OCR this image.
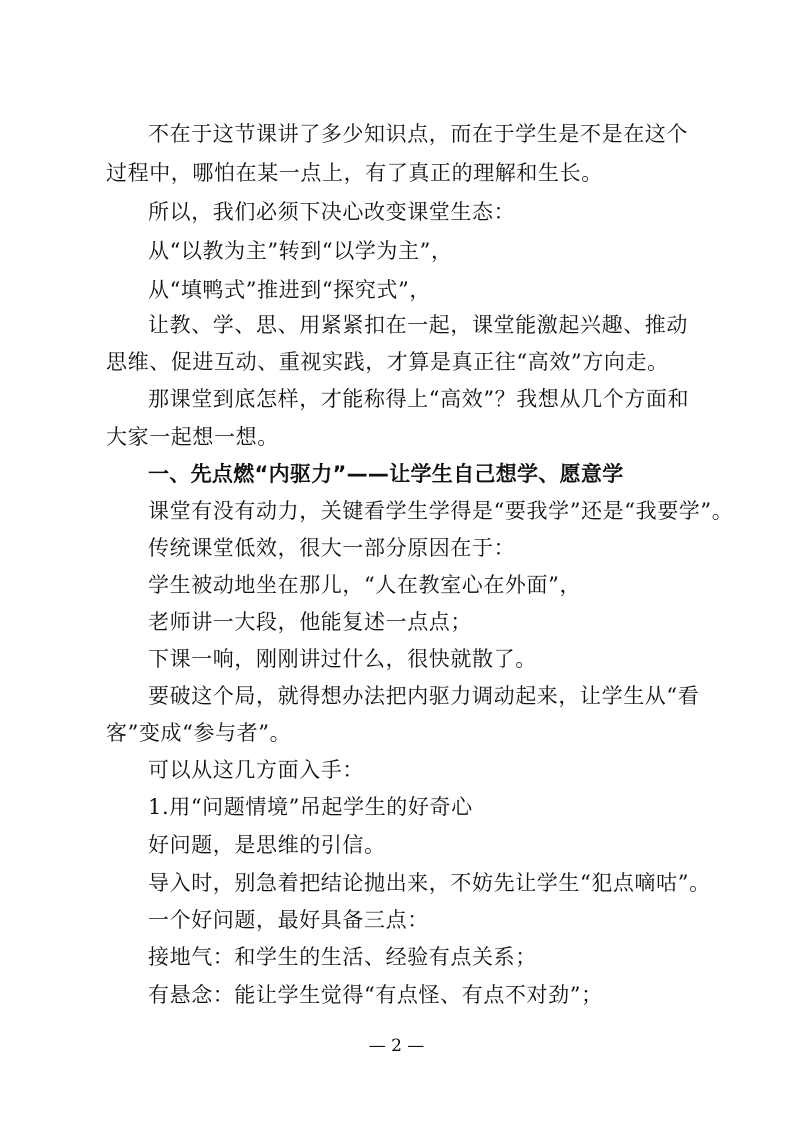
不在于这节课讲了多少知识点，而在于学生是不是在这个
过程中，哪怕在某一点上，有了真正的理解和生长。
所以，我们必须下决心改变课堂生态：
从“以教为主”转到“以学为主”，
从“填鸭式”推进到“探究式”，
让教、学、思、用紧紧扣在一起，课堂能激起兴趣、推动
思维、促进互动、重视实践，才算是真正往“高效”方向走。
那课堂到底怎样，才能称得上“高效”？我想从几个方面和
大家一起想一想。
一、先点燃“内驱力”——让学生自己想学、愿意学
课堂有没有动力，关键看学生学得是“要我学”还是“我要学”。
传统课堂低效，很大一部分原因在于：
学生被动地坐在那儿，“人在教室心在外面”，
老师讲一大段，他能复述一点点；
下课一响，刚刚讲过什么，很快就散了。
要破这个局，就得想办法把内驱力调动起来，让学生从“看
客”变成“参与者”。
可以从这几方面入手：
1.用“问题情境”吊起学生的好奇心
好问题，是思维的引信。
导入时，别急着把结论抛出来，不妨先让学生“犯点嘀咕”。
一个好问题，最好具备三点：
接地气：和学生的生活、经验有点关系；
有悬念：能让学生觉得“有点怪、有点不对劲”；
— 2 —
